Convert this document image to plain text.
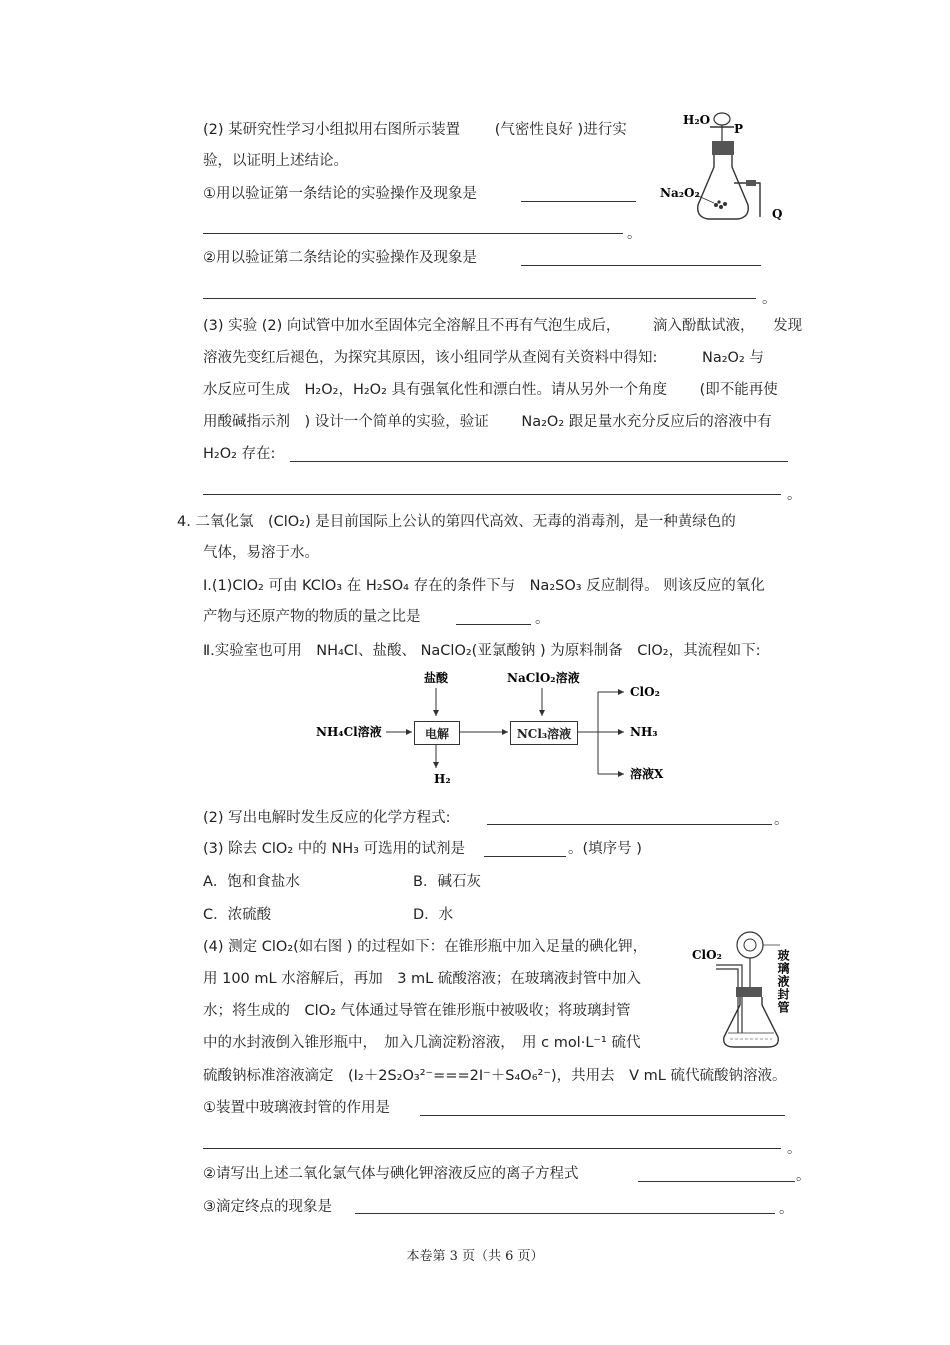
(2) 某研究性学习小组拟用右图所示装置 (气密性良好 )进行实
验，以证明上述结论。
①用以验证第一条结论的实验操作及现象是
。
②用以验证第二条结论的实验操作及现象是
。
H₂O
P
Na₂O₂
Q
(3) 实验 (2) 向试管中加水至固体完全溶解且不再有气泡生成后， 滴入酚酞试液， 发现
溶液先变红后褪色，为探究其原因，该小组同学从查阅有关资料中得知:	Na₂O₂ 与
水反应可生成　H₂O₂，H₂O₂ 具有强氧化性和漂白性。请从另外一个角度 (即不能再使
用酸碱指示剂　) 设计一个简单的实验，验证 Na₂O₂ 跟足量水充分反应后的溶液中有
H₂O₂ 存在:
。
4. 二氧化氯　(ClO₂) 是目前国际上公认的第四代高效、无毒的消毒剂，是一种黄绿色的
气体，易溶于水。
Ⅰ.(1)ClO₂ 可由 KClO₃ 在 H₂SO₄ 存在的条件下与　Na₂SO₃ 反应制得。 则该反应的氧化
产物与还原产物的物质的量之比是	。
Ⅱ.实验室也可用　NH₄Cl、盐酸、 NaClO₂(亚氯酸钠 ) 为原料制备　ClO₂，其流程如下:
盐酸	NaClO₂溶液
NH₄Cl溶液
H₂
ClO₂
NH₃
溶液X
电解	NCl₃溶液
(2) 写出电解时发生反应的化学方程式:	。
(3) 除去 ClO₂ 中的 NH₃ 可选用的试剂是	。(填序号 )
A．饱和食盐水	B．碱石灰
C．浓硫酸	D．水
(4) 测定 ClO₂(如右图 ) 的过程如下：在锥形瓶中加入足量的碘化钾，
用 100 mL 水溶解后，再加　3 mL 硫酸溶液；在玻璃液封管中加入
水；将生成的　ClO₂ 气体通过导管在锥形瓶中被吸收；将玻璃封管
中的水封液倒入锥形瓶中，　加入几滴淀粉溶液，　用 c mol·L⁻¹ 硫代
硫酸钠标准溶液滴定　(I₂＋2S₂O₃²⁻===2I⁻＋S₄O₆²⁻)，共用去　V mL 硫代硫酸钠溶液。
ClO₂	玻璃液封管
①装置中玻璃液封管的作用是
。
②请写出上述二氧化氯气体与碘化钾溶液反应的离子方程式	。
③滴定终点的现象是	。
本卷第 3 页（共 6 页）
